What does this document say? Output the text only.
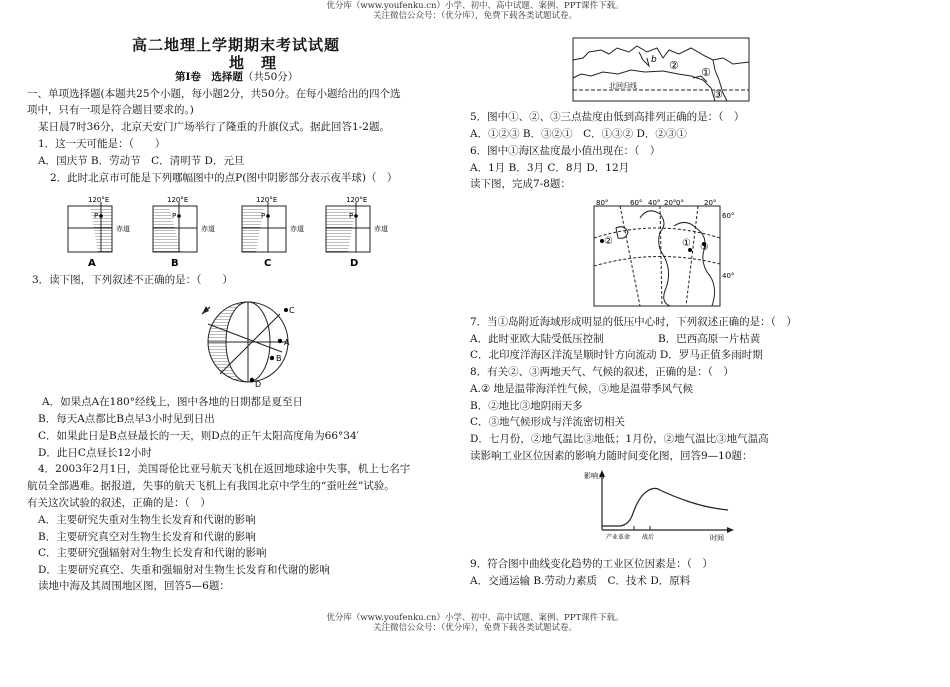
优分库（www.youfenku.cn）小学、初中、高中试题、案例、PPT课件下载。
关注微信公众号：（优分库），免费下载各类试题试卷。
高二地理上学期期末考试试题
地　理
第Ⅰ卷　选择题（共50分）
一、单项选择题(本题共25个小题，每小题2分，共50分。在每小题给出的四个选
项中，只有一项是符合题目要求的。)
某日晨7时36分，北京天安门广场举行了隆重的升旗仪式。据此回答1-2题。
1．这一天可能是：（　　）
A．国庆节 B．劳动节　C．清明节 D．元旦
2．此时北京市可能是下列哪幅图中的点P(图中阴影部分表示夜半球)（　）
120°E
P
赤道
A
120°E
P
赤道
B
120°E
P
赤道
C
120°E
P
赤道
D
3．读下图，下列叙述不正确的是：（　　）
C
A
B
D
A．如果点A在180°经线上，图中各地的日期都是夏至日
B．每天A点都比B点早3小时见到日出
C．如果此日是B点昼最长的一天，则D点的正午太阳高度角为66°34′
D．此日C点昼长12小时
4．2003年2月1日，美国哥伦比亚号航天飞机在返回地球途中失事，机上七名宇
航员全部遇难。据报道，失事的航天飞机上有我国北京中学生的“蚕吐丝”试验。
有关这次试验的叙述，正确的是：（　）
A．主要研究失重对生物生长发育和代谢的影响
B．主要研究真空对生物生长发育和代谢的影响
C．主要研究强辐射对生物生长发育和代谢的影响
D．主要研究真空、失重和强辐射对生物生长发育和代谢的影响
读地中海及其周围地区图，回答5—6题：
b ②
①
③
北回归线
5．图中①、②、③三点盐度由低到高排列正确的是：（　）
A．①②③ B．③②①　C．①③② D．②③①
6．图中①海区盐度最小值出现在：（　）
A．1月 B．3月 C．8月 D．12月
读下图，完成7-8题：
②	① ③
80°	60° 40° 20° 0°	20°
60°
40°
7．当①岛附近海域形成明显的低压中心时，下列叙述正确的是：（　）
A．此时亚欧大陆受低压控制	B．巴西高原一片枯黄
C．北印度洋海区洋流呈顺时针方向流动 D．罗马正值多雨时期
8．有关②、③两地天气、气候的叙述，正确的是：（　）
A.② 地是温带海洋性气候，③地是温带季风气候
B．②地比③地阴雨天多
C．③地气候形成与洋流密切相关
D．七月份，②地气温比③地低；1月份，②地气温比③地气温高
读影响工业区位因素的影响力随时间变化图，回答9—10题：
影响力
时间
产业革命 战后
9．符合图中曲线变化趋势的工业区位因素是：（　）
A．交通运输 B.劳动力素质　C．技术 D．原料
优分库（www.youfenku.cn）小学、初中、高中试题、案例、PPT课件下载。
关注微信公众号：（优分库），免费下载各类试题试卷。
